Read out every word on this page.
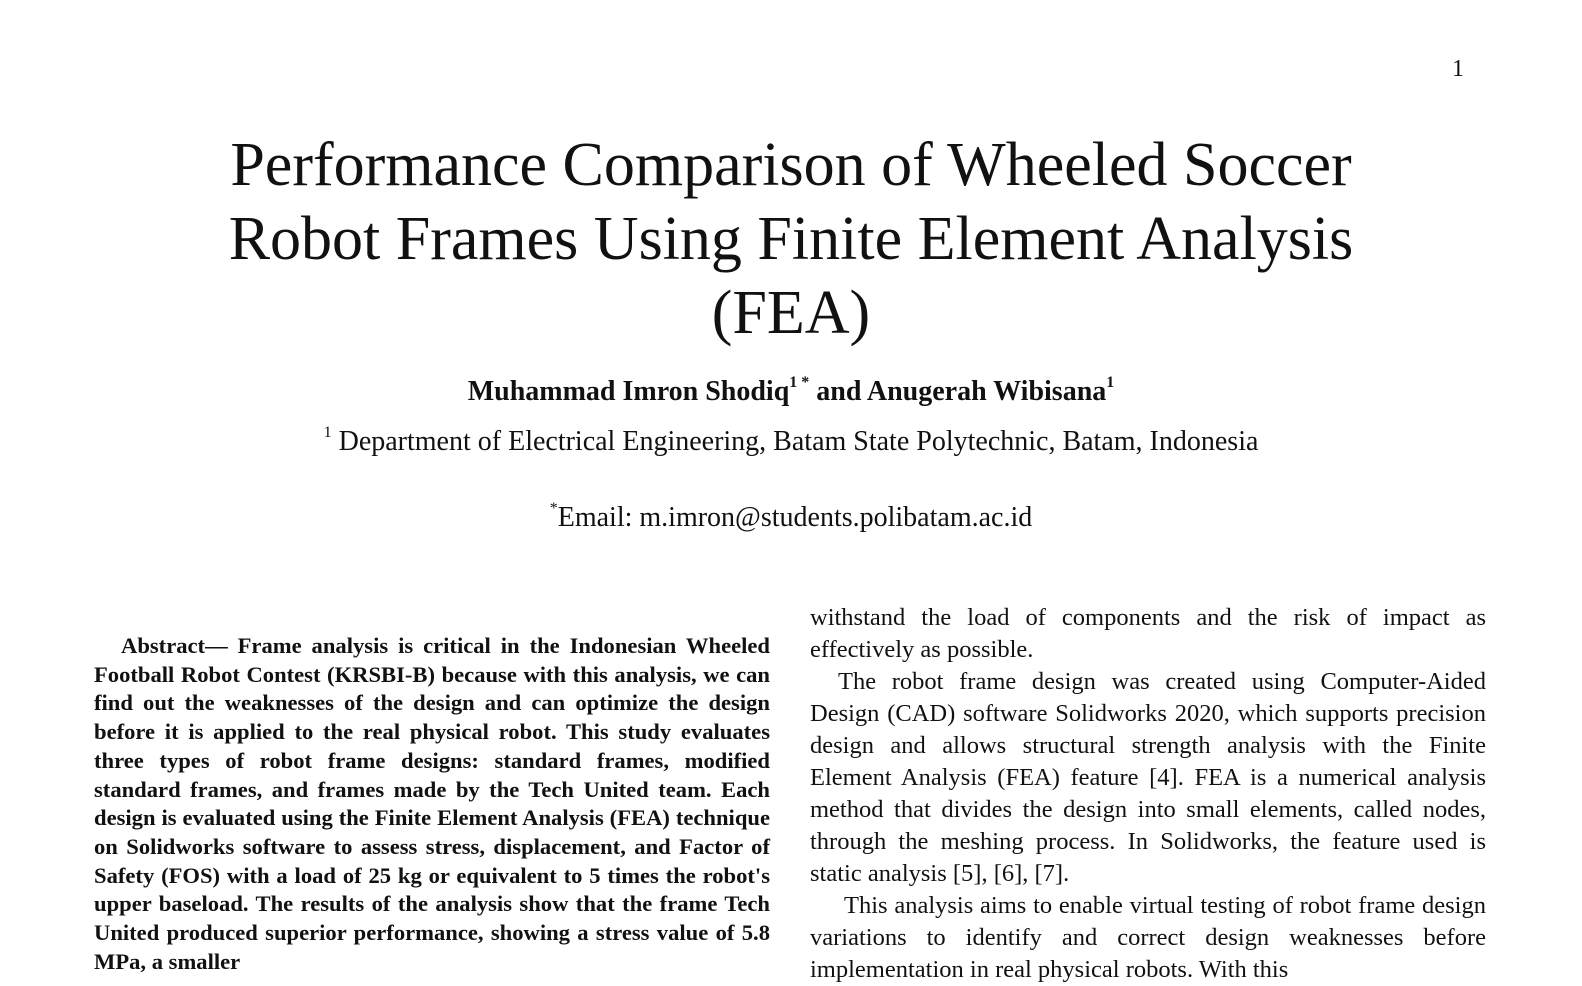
1
Performance Comparison of Wheeled Soccer
Robot Frames Using Finite Element Analysis
(FEA)
Muhammad Imron Shodiq$^{1 *}$ and Anugerah Wibisana$^1$
$^1$ Department of Electrical Engineering, Batam State Polytechnic, Batam, Indonesia
*Email: m.imron@students.polibatam.ac.id

Abstract— Frame analysis is critical in the Indonesian Wheeled Football Robot Contest (KRSBI-B) because with this analysis, we can find out the weaknesses of the design and can optimize the design before it is applied to the real physical robot. This study evaluates three types of robot frame designs: standard frames, modified standard frames, and frames made by the Tech United team. Each design is evaluated using the Finite Element Analysis (FEA) technique on Solidworks software to assess stress, displacement, and Factor of Safety (FOS) with a load of 25 kg or equivalent to 5 times the robot's upper baseload. The results of the analysis show that the frame Tech United produced superior performance, showing a stress value of 5.8 MPa, a smaller

withstand the load of components and the risk of impact as effectively as possible.

The robot frame design was created using Computer-Aided Design (CAD) software Solidworks 2020, which supports precision design and allows structural strength analysis with the Finite Element Analysis (FEA) feature [4]. FEA is a numerical analysis method that divides the design into small elements, called nodes, through the meshing process. In Solidworks, the feature used is static analysis [5], [6], [7].

This analysis aims to enable virtual testing of robot frame design variations to identify and correct design weaknesses before implementation in real physical robots. With this
